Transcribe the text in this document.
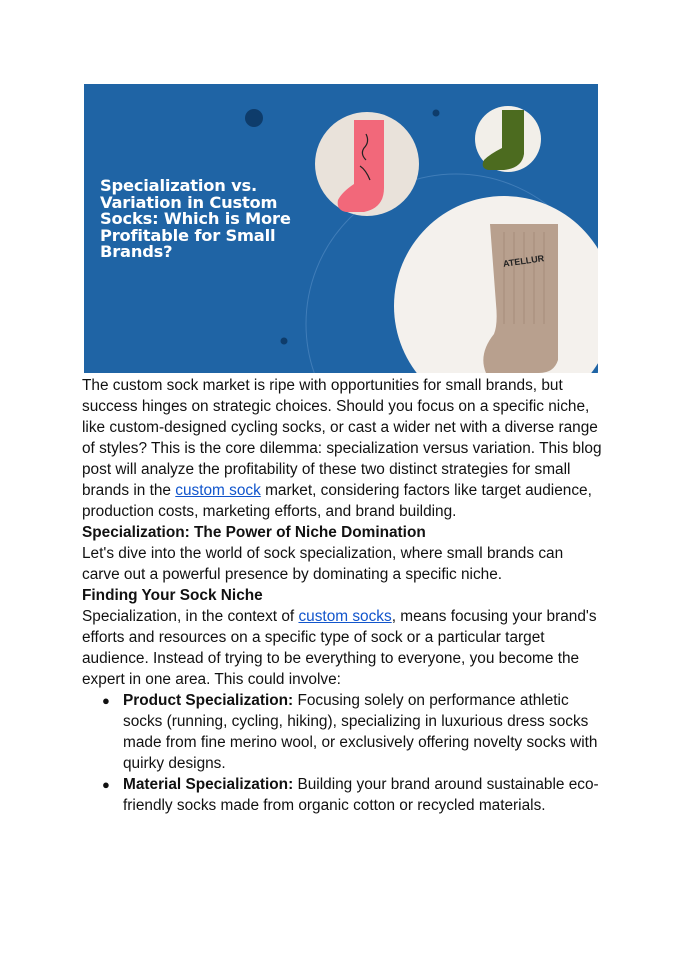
ATELLUR
Specialization vs. Variation in Custom Socks: Which is More Profitable for Small Brands?

The custom sock market is ripe with opportunities for small brands, but success hinges on strategic choices. Should you focus on a specific niche, like custom-designed cycling socks, or cast a wider net with a diverse range of styles? This is the core dilemma: specialization versus variation. This blog post will analyze the profitability of these two distinct strategies for small brands in the custom sock market, considering factors like target audience, production costs, marketing efforts, and brand building.

Specialization: The Power of Niche Domination

Let's dive into the world of sock specialization, where small brands can carve out a powerful presence by dominating a specific niche.

Finding Your Sock Niche

Specialization, in the context of custom socks, means focusing your brand's efforts and resources on a specific type of sock or a particular target audience. Instead of trying to be everything to everyone, you become the expert in one area. This could involve:

● Product Specialization: Focusing solely on performance athletic socks (running, cycling, hiking), specializing in luxurious dress socks made from fine merino wool, or exclusively offering novelty socks with quirky designs.
● Material Specialization: Building your brand around sustainable eco-friendly socks made from organic cotton or recycled materials.
